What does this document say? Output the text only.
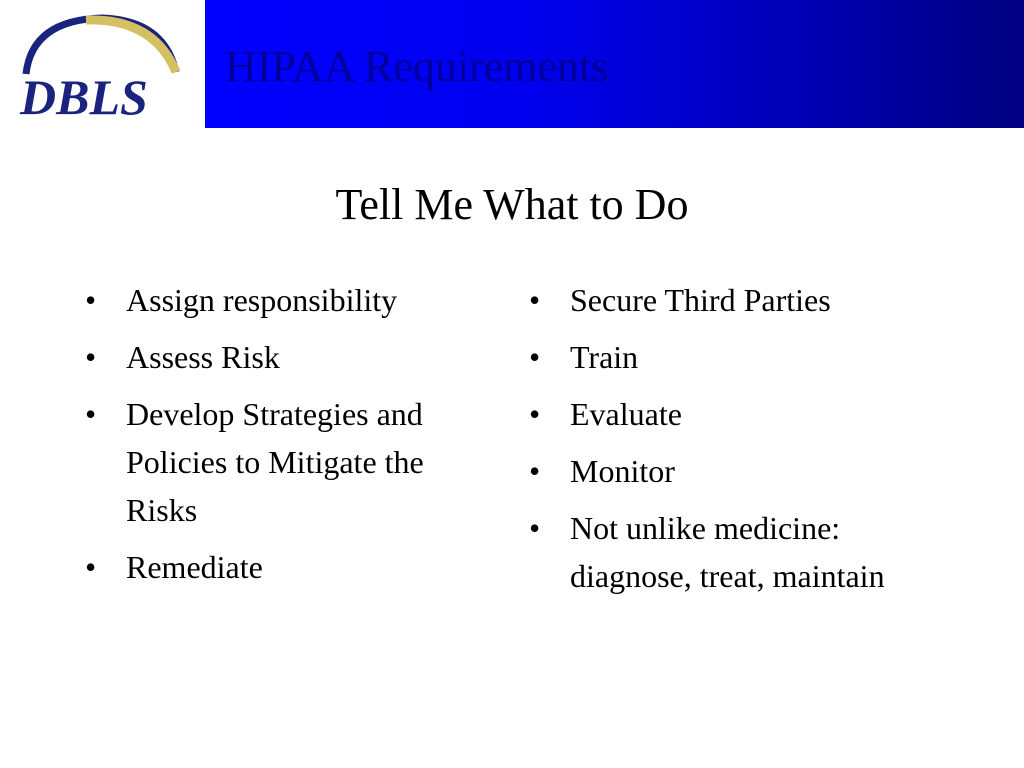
DBLS
HIPAA Requirements
Tell Me What to Do
• Assign responsibility
• Assess Risk
• Develop Strategies and Policies to Mitigate the Risks
• Remediate
• Secure Third Parties
• Train
• Evaluate
• Monitor
• Not unlike medicine: diagnose, treat, maintain
